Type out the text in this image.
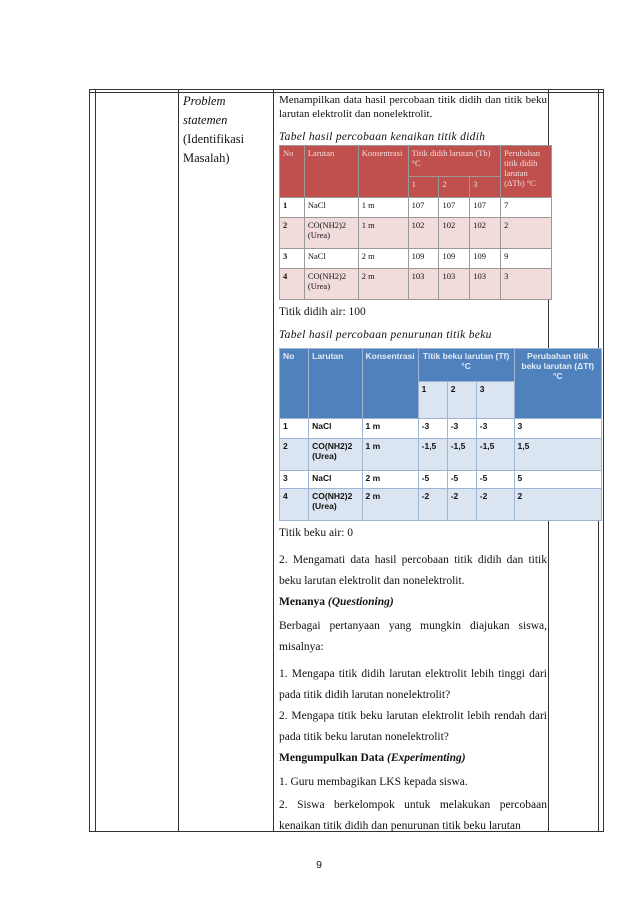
Problem
statemen
(Identifikasi
Masalah)

Menampilkan data hasil percobaan titik didih dan titik beku larutan elektrolit dan nonelektrolit.

Tabel hasil percobaan kenaikan titik didih

No	Larutan	Konsentrasi	Titik didih larutan (Tb) °C			Perubahan titik didih larutan (ΔTb) °C
			1	2	3	
1	NaCl	1 m	107	107	107	7
2	CO(NH2)2 (Urea)	1 m	102	102	102	2
3	NaCl	2 m	109	109	109	9
4	CO(NH2)2 (Urea)	2 m	103	103	103	3

Titik didih air: 100

Tabel hasil percobaan penurunan titik beku

No	Larutan	Konsentrasi	Titik beku larutan (Tf) °C			Perubahan titik beku larutan (ΔTf) °C
			1	2	3	
1	NaCl	1 m	-3	-3	-3	3
2	CO(NH2)2 (Urea)	1 m	-1,5	-1,5	-1,5	1,5
3	NaCl	2 m	-5	-5	-5	5
4	CO(NH2)2 (Urea)	2 m	-2	-2	-2	2

Titik beku air: 0

2. Mengamati data hasil percobaan titik didih dan titik beku larutan elektrolit dan nonelektrolit.

Menanya (Questioning)

Berbagai pertanyaan yang mungkin diajukan siswa, misalnya:

1. Mengapa titik didih larutan elektrolit lebih tinggi dari pada titik didih larutan nonelektrolit?

2. Mengapa titik beku larutan elektrolit lebih rendah dari pada titik beku larutan nonelektrolit?

Mengumpulkan Data (Experimenting)

1. Guru membagikan LKS kepada siswa.

2. Siswa berkelompok untuk melakukan percobaan kenaikan titik didih dan penurunan titik beku larutan

9
